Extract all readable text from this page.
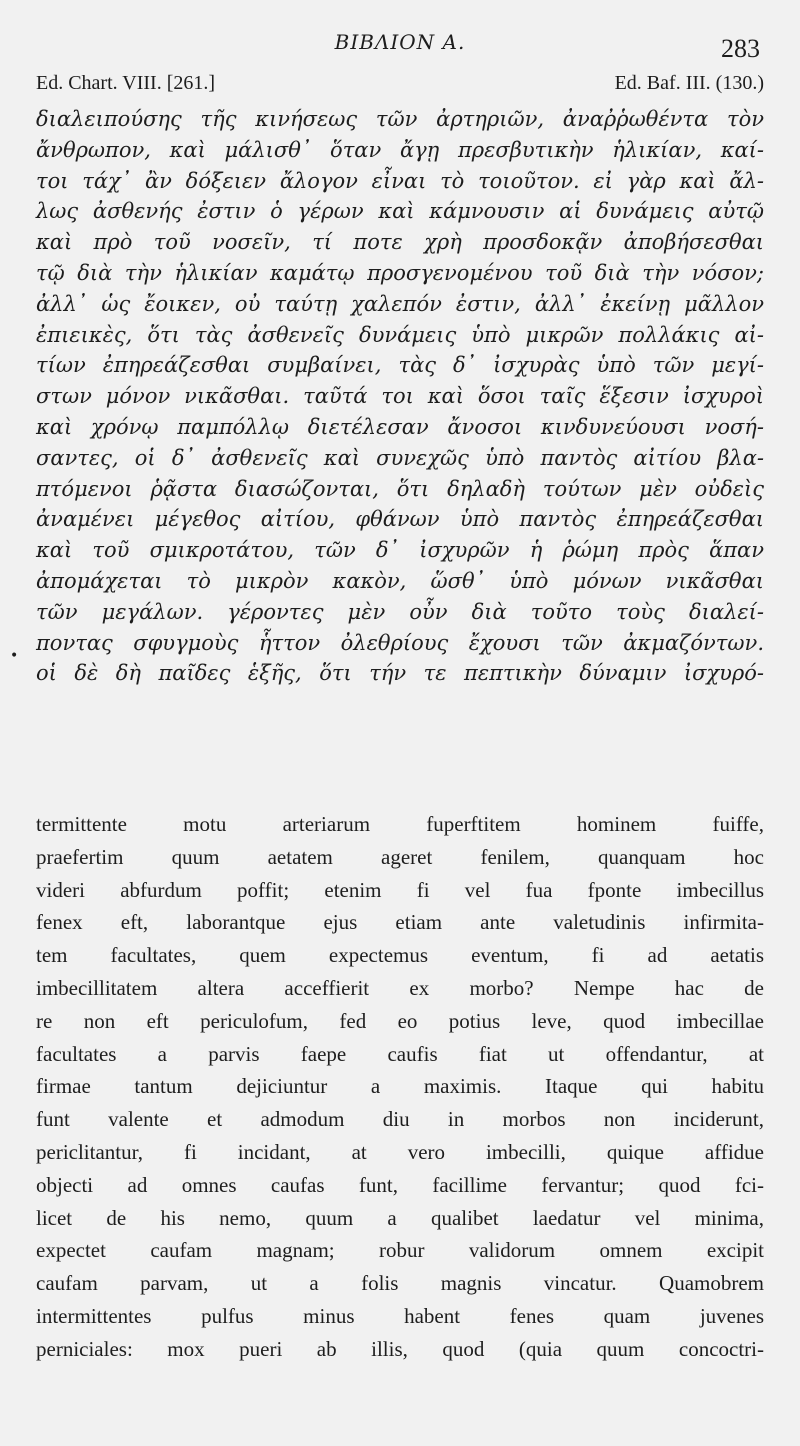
ΒΙΒΛΙΟΝ Α.	283
Ed. Chart. VIII. [261.]	Ed. Baf. III. (130.)
•
διαλειπούσης τῆς κινήσεως τῶν ἀρτηριῶν, ἀναῤῥωθέντα τὸν
ἄνθρωπον, καὶ μάλισθ᾽ ὅταν ἄγῃ πρεσβυτικὴν ἡλικίαν, καί-
τοι τάχ᾽ ἂν δόξειεν ἄλογον εἶναι τὸ τοιοῦτον. εἰ γὰρ καὶ ἄλ-
λως ἀσθενής ἐστιν ὁ γέρων καὶ κάμνουσιν αἱ δυνάμεις αὐτῷ
καὶ πρὸ τοῦ νοσεῖν, τί ποτε χρὴ προσδοκᾷν ἀποβήσεσθαι
τῷ διὰ τὴν ἡλικίαν καμάτῳ προσγενομένου τοῦ διὰ τὴν νόσον;
ἀλλ᾽ ὡς ἔοικεν, οὐ ταύτῃ χαλεπόν ἐστιν, ἀλλ᾽ ἐκείνῃ μᾶλλον
ἐπιεικὲς, ὅτι τὰς ἀσθενεῖς δυνάμεις ὑπὸ μικρῶν πολλάκις αἰ-
τίων ἐπηρεάζεσθαι συμβαίνει, τὰς δ᾽ ἰσχυρὰς ὑπὸ τῶν μεγί-
στων μόνον νικᾶσθαι. ταῦτά τοι καὶ ὅσοι ταῖς ἕξεσιν ἰσχυροὶ
καὶ χρόνῳ παμπόλλῳ διετέλεσαν ἄνοσοι κινδυνεύουσι νοσή-
σαντες, οἱ δ᾽ ἀσθενεῖς καὶ συνεχῶς ὑπὸ παντὸς αἰτίου βλα-
πτόμενοι ῥᾷστα διασώζονται, ὅτι δηλαδὴ τούτων μὲν οὐδεὶς
ἀναμένει μέγεθος αἰτίου, φθάνων ὑπὸ παντὸς ἐπηρεάζεσθαι
καὶ τοῦ σμικροτάτου, τῶν δ᾽ ἰσχυρῶν ἡ ῥώμη πρὸς ἅπαν
ἀπομάχεται τὸ μικρὸν κακὸν, ὥσθ᾽ ὑπὸ μόνων νικᾶσθαι
τῶν μεγάλων. γέροντες μὲν οὖν διὰ τοῦτο τοὺς διαλεί-
ποντας σφυγμοὺς ἧττον ὀλεθρίους ἔχουσι τῶν ἀκμαζόντων.
οἱ δὲ δὴ παῖδες ἑξῆς, ὅτι τήν τε πεπτικὴν δύναμιν ἰσχυρό-
termittente motu arteriarum fuperftitem hominem fuiffe,
praefertim quum aetatem ageret fenilem, quanquam hoc
videri abfurdum poffit; etenim fi vel fua fponte imbecillus
fenex eft, laborantque ejus etiam ante valetudinis infirmita-
tem facultates, quem expectemus eventum, fi ad aetatis
imbecillitatem altera acceffierit ex morbo? Nempe hac de
re non eft periculofum, fed eo potius leve, quod imbecillae
facultates a parvis faepe caufis fiat ut offendantur, at
firmae tantum dejiciuntur a maximis. Itaque qui habitu
funt valente et admodum diu in morbos non inciderunt,
periclitantur, fi incidant, at vero imbecilli, quique affidue
objecti ad omnes caufas funt, facillime fervantur; quod fci-
licet de his nemo, quum a qualibet laedatur vel minima,
expectet caufam magnam; robur validorum omnem excipit
caufam parvam, ut a folis magnis vincatur. Quamobrem
intermittentes pulfus minus habent fenes quam juvenes
perniciales: mox pueri ab illis, quod (quia quum concoctri-
